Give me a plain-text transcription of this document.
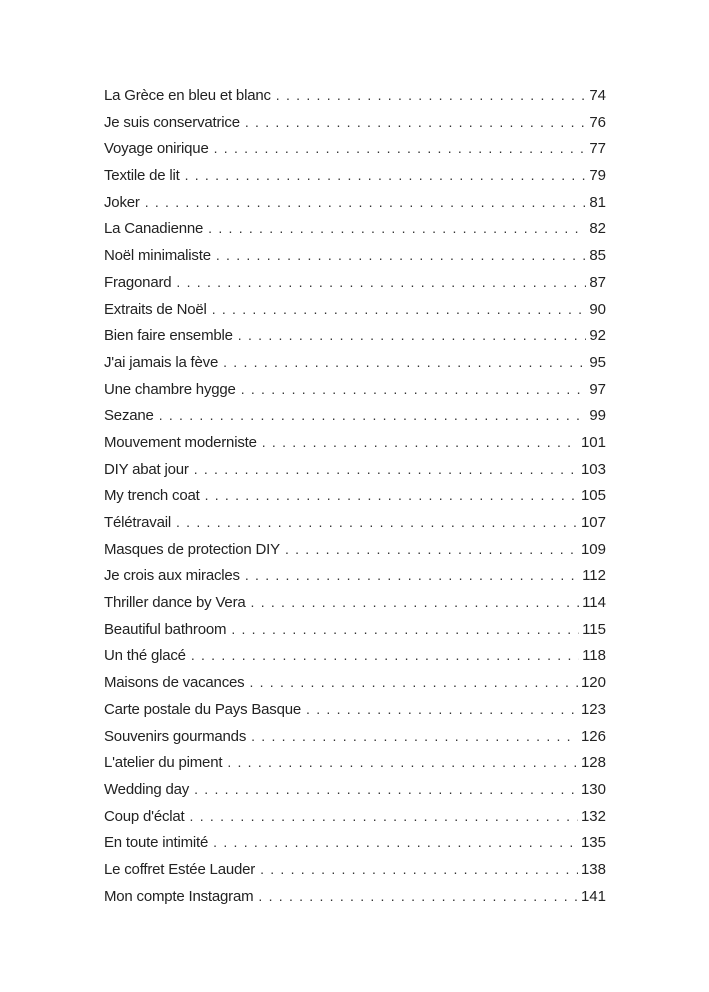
La Grèce en bleu et blanc . . .	74
Je suis conservatrice . . .	76
Voyage onirique . . .	77
Textile de lit . . .	79
Joker . . .	81
La Canadienne . . .	82
Noël minimaliste . . .	85
Fragonard . . .	87
Extraits de Noël . . .	90
Bien faire ensemble . . .	92
J'ai jamais la fève . . .	95
Une chambre hygge . . .	97
Sezane . . .	99
Mouvement moderniste . . .	101
DIY abat jour . . .	103
My trench coat . . .	105
Télétravail . . .	107
Masques de protection DIY . . .	109
Je crois aux miracles . . .	112
Thriller dance by Vera . . .	114
Beautiful bathroom . . .	115
Un thé glacé . . .	118
Maisons de vacances . . .	120
Carte postale du Pays Basque . . .	123
Souvenirs gourmands . . .	126
L'atelier du piment . . .	128
Wedding day . . .	130
Coup d'éclat . . .	132
En toute intimité . . .	135
Le coffret Estée Lauder . . .	138
Mon compte Instagram . . .	141
